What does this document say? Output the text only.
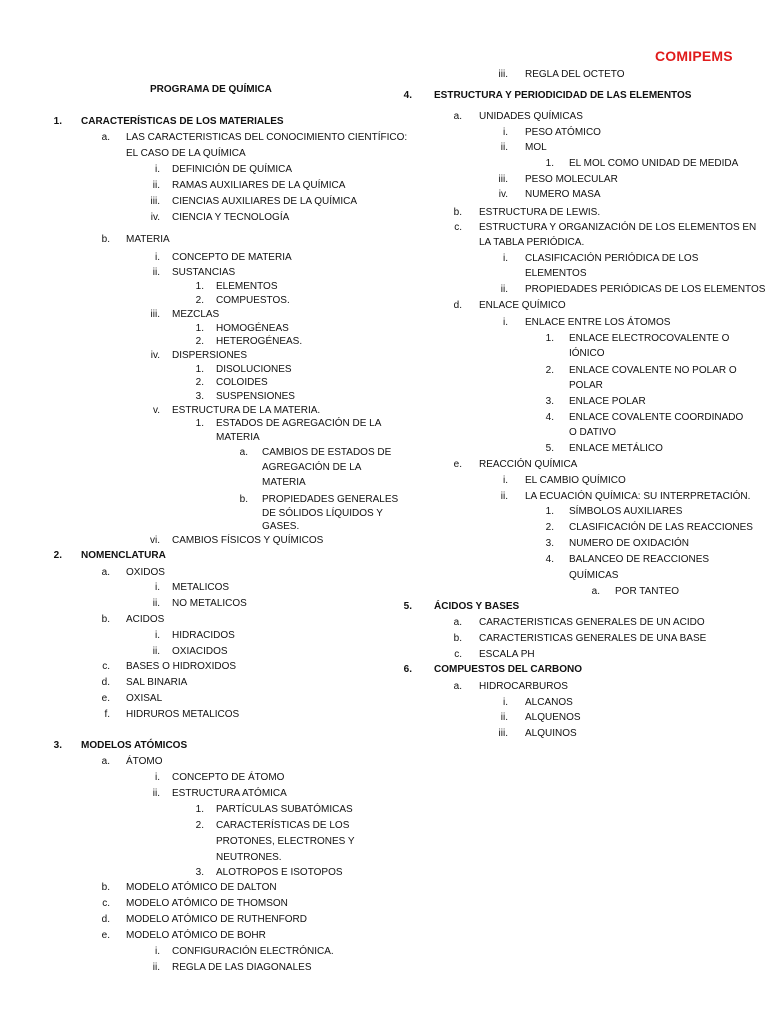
COMIPEMS
PROGRAMA DE QUÍMICA
1. CARACTERÍSTICAS DE LOS MATERIALES
a. LAS CARACTERISTICAS DEL CONOCIMIENTO CIENTÍFICO:
EL CASO DE LA QUÍMICA
i. DEFINICIÓN DE QUÍMICA
ii. RAMAS AUXILIARES DE LA QUÍMICA
iii. CIENCIAS AUXILIARES DE LA QUÍMICA
iv. CIENCIA Y TECNOLOGÍA
b. MATERIA
i. CONCEPTO DE MATERIA
ii. SUSTANCIAS
1. ELEMENTOS
2. COMPUESTOS.
iii. MEZCLAS
1. HOMOGÉNEAS
2. HETEROGÉNEAS.
iv. DISPERSIONES
1. DISOLUCIONES
2. COLOIDES
3. SUSPENSIONES
v. ESTRUCTURA DE LA MATERIA.
1. ESTADOS DE AGREGACIÓN DE LA
MATERIA
a. CAMBIOS DE ESTADOS DE
AGREGACIÓN DE LA
MATERIA
b. PROPIEDADES GENERALES
DE SÓLIDOS LÍQUIDOS Y
GASES.
vi. CAMBIOS FÍSICOS Y QUÍMICOS
2. NOMENCLATURA
a. OXIDOS
i. METALICOS
ii. NO METALICOS
b. ACIDOS
i. HIDRACIDOS
ii. OXIACIDOS
c. BASES O HIDROXIDOS
d. SAL BINARIA
e. OXISAL
f. HIDRUROS METALICOS
3. MODELOS ATÓMICOS
a. ÁTOMO
i. CONCEPTO DE ÁTOMO
ii. ESTRUCTURA ATÓMICA
1. PARTÍCULAS SUBATÓMICAS
2. CARACTERÍSTICAS DE LOS
PROTONES, ELECTRONES Y
NEUTRONES.
3. ALOTROPOS E ISOTOPOS
b. MODELO ATÓMICO DE DALTON
c. MODELO ATÓMICO DE THOMSON
d. MODELO ATÓMICO DE RUTHENFORD
e. MODELO ATÓMICO DE BOHR
i. CONFIGURACIÓN ELECTRÓNICA.
ii. REGLA DE LAS DIAGONALES
iii. REGLA DEL OCTETO
4. ESTRUCTURA Y PERIODICIDAD DE LAS ELEMENTOS
a. UNIDADES QUÍMICAS
i. PESO ATÓMICO
ii. MOL
1. EL MOL COMO UNIDAD DE MEDIDA
iii. PESO MOLECULAR
iv. NUMERO MASA
b. ESTRUCTURA DE LEWIS.
c. ESTRUCTURA Y ORGANIZACIÓN DE LOS ELEMENTOS EN
LA TABLA PERIÓDICA.
i. CLASIFICACIÓN PERIÓDICA DE LOS
ELEMENTOS
ii. PROPIEDADES PERIÓDICAS DE LOS ELEMENTOS
d. ENLACE QUÍMICO
i. ENLACE ENTRE LOS ÁTOMOS
1. ENLACE ELECTROCOVALENTE O
IÓNICO
2. ENLACE COVALENTE NO POLAR O
POLAR
3. ENLACE POLAR
4. ENLACE COVALENTE COORDINADO
O DATIVO
5. ENLACE METÁLICO
e. REACCIÓN QUÍMICA
i. EL CAMBIO QUÍMICO
ii. LA ECUACIÓN QUÍMICA: SU INTERPRETACIÓN.
1. SÍMBOLOS AUXILIARES
2. CLASIFICACIÓN DE LAS REACCIONES
3. NUMERO DE OXIDACIÓN
4. BALANCEO DE REACCIONES
QUÍMICAS
a. POR TANTEO
5. ÁCIDOS Y BASES
a. CARACTERISTICAS GENERALES DE UN ACIDO
b. CARACTERISTICAS GENERALES DE UNA BASE
c. ESCALA PH
6. COMPUESTOS DEL CARBONO
a. HIDROCARBUROS
i. ALCANOS
ii. ALQUENOS
iii. ALQUINOS
